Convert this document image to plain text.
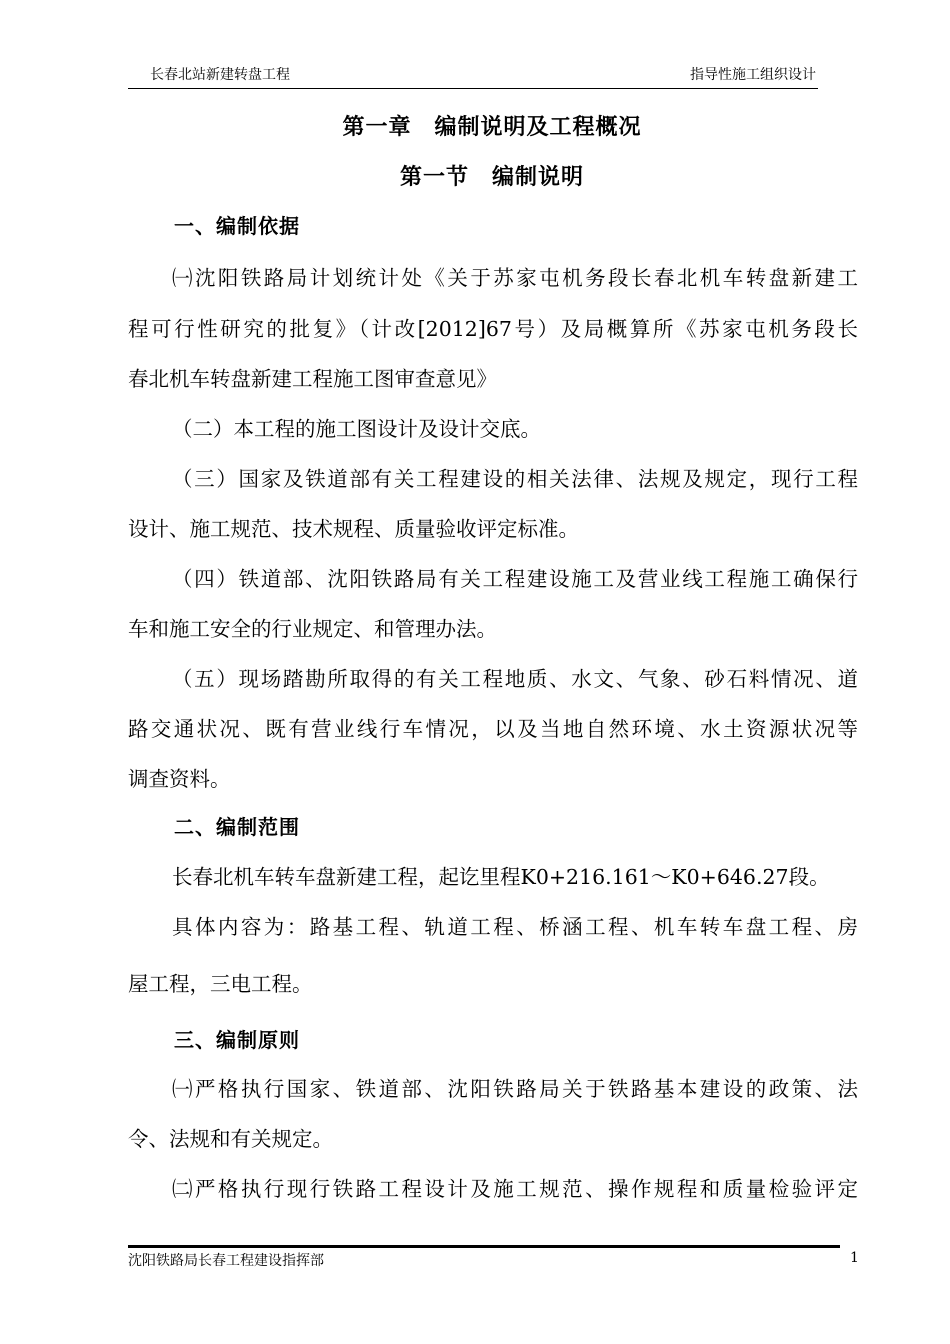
长春北站新建转盘工程	指导性施工组织设计
第一章　编制说明及工程概况
第一节　编制说明
一、编制依据
㈠沈阳铁路局计划统计处《关于苏家屯机务段长春北机车转盘新建工
程可行性研究的批复》（计改[2012]67号）及局概算所《苏家屯机务段长
春北机车转盘新建工程施工图审查意见》
（二）本工程的施工图设计及设计交底。
（三）国家及铁道部有关工程建设的相关法律、法规及规定，现行工程
设计、施工规范、技术规程、质量验收评定标准。
（四）铁道部、沈阳铁路局有关工程建设施工及营业线工程施工确保行
车和施工安全的行业规定、和管理办法。
（五）现场踏勘所取得的有关工程地质、水文、气象、砂石料情况、道
路交通状况、既有营业线行车情况，以及当地自然环境、水土资源状况等
调查资料。
二、编制范围
长春北机车转车盘新建工程，起讫里程K0+216.161～K0+646.27段。
具体内容为：路基工程、轨道工程、桥涵工程、机车转车盘工程、房
屋工程，三电工程。
三、编制原则
㈠严格执行国家、铁道部、沈阳铁路局关于铁路基本建设的政策、法
令、法规和有关规定。
㈡严格执行现行铁路工程设计及施工规范、操作规程和质量检验评定
沈阳铁路局长春工程建设指挥部	1
